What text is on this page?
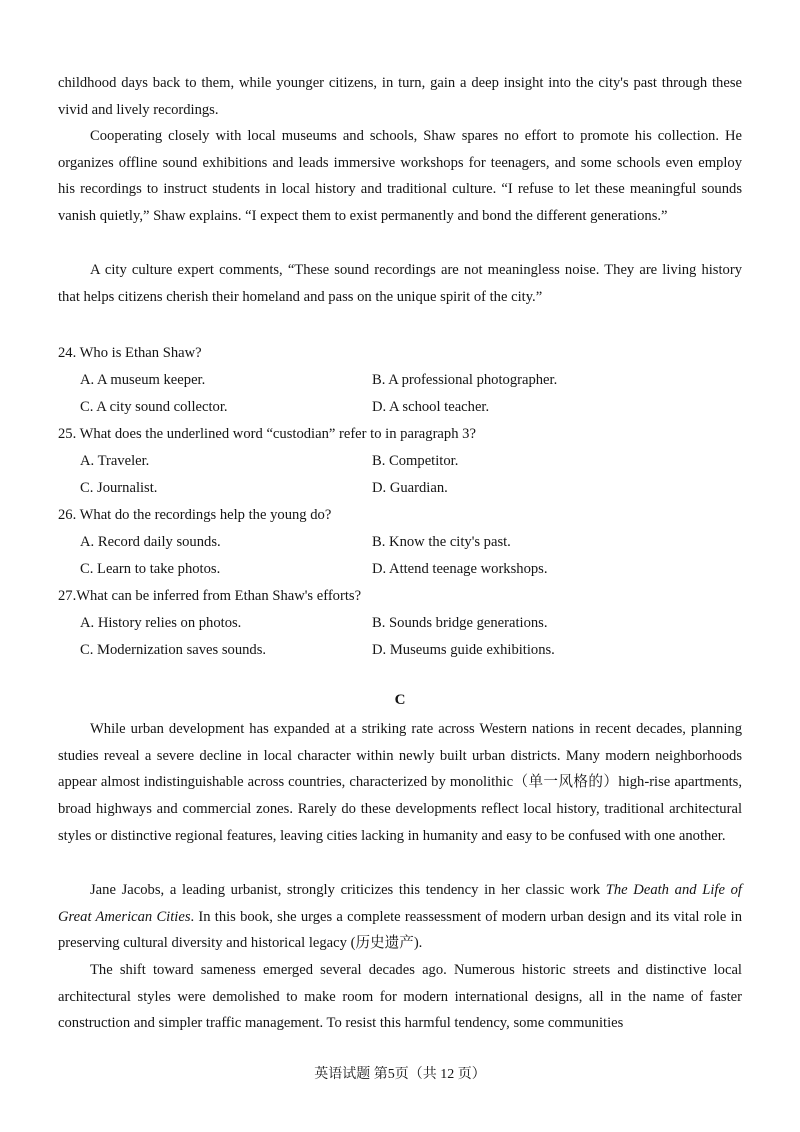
childhood days back to them, while younger citizens, in turn, gain a deep insight into the city's past through these vivid and lively recordings.

Cooperating closely with local museums and schools, Shaw spares no effort to promote his collection. He organizes offline sound exhibitions and leads immersive workshops for teenagers, and some schools even employ his recordings to instruct students in local history and traditional culture. “I refuse to let these meaningful sounds vanish quietly,” Shaw explains. “I expect them to exist permanently and bond the different generations.”

A city culture expert comments, “These sound recordings are not meaningless noise. They are living history that helps citizens cherish their homeland and pass on the unique spirit of the city.”

24. Who is Ethan Shaw?

A. A museum keeper.	B. A professional photographer.

C. A city sound collector.	D. A school teacher.

25. What does the underlined word “custodian” refer to in paragraph 3?

A. Traveler.	B. Competitor.

C. Journalist.	D. Guardian.

26. What do the recordings help the young do?

A. Record daily sounds.	B. Know the city's past.

C. Learn to take photos.	D. Attend teenage workshops.

27.What can be inferred from Ethan Shaw's efforts?

A. History relies on photos.	B. Sounds bridge generations.

C. Modernization saves sounds.	D. Museums guide exhibitions.

C

While urban development has expanded at a striking rate across Western nations in recent decades, planning studies reveal a severe decline in local character within newly built urban districts. Many modern neighborhoods appear almost indistinguishable across countries, characterized by monolithic（单一风格的）high-rise apartments, broad highways and commercial zones. Rarely do these developments reflect local history, traditional architectural styles or distinctive regional features, leaving cities lacking in humanity and easy to be confused with one another.

Jane Jacobs, a leading urbanist, strongly criticizes this tendency in her classic work The Death and Life of Great American Cities. In this book, she urges a complete reassessment of modern urban design and its vital role in preserving cultural diversity and historical legacy (历史遗产).

The shift toward sameness emerged several decades ago. Numerous historic streets and distinctive local architectural styles were demolished to make room for modern international designs, all in the name of faster construction and simpler traffic management. To resist this harmful tendency, some communities

英语试题 第5页（共 12 页）
